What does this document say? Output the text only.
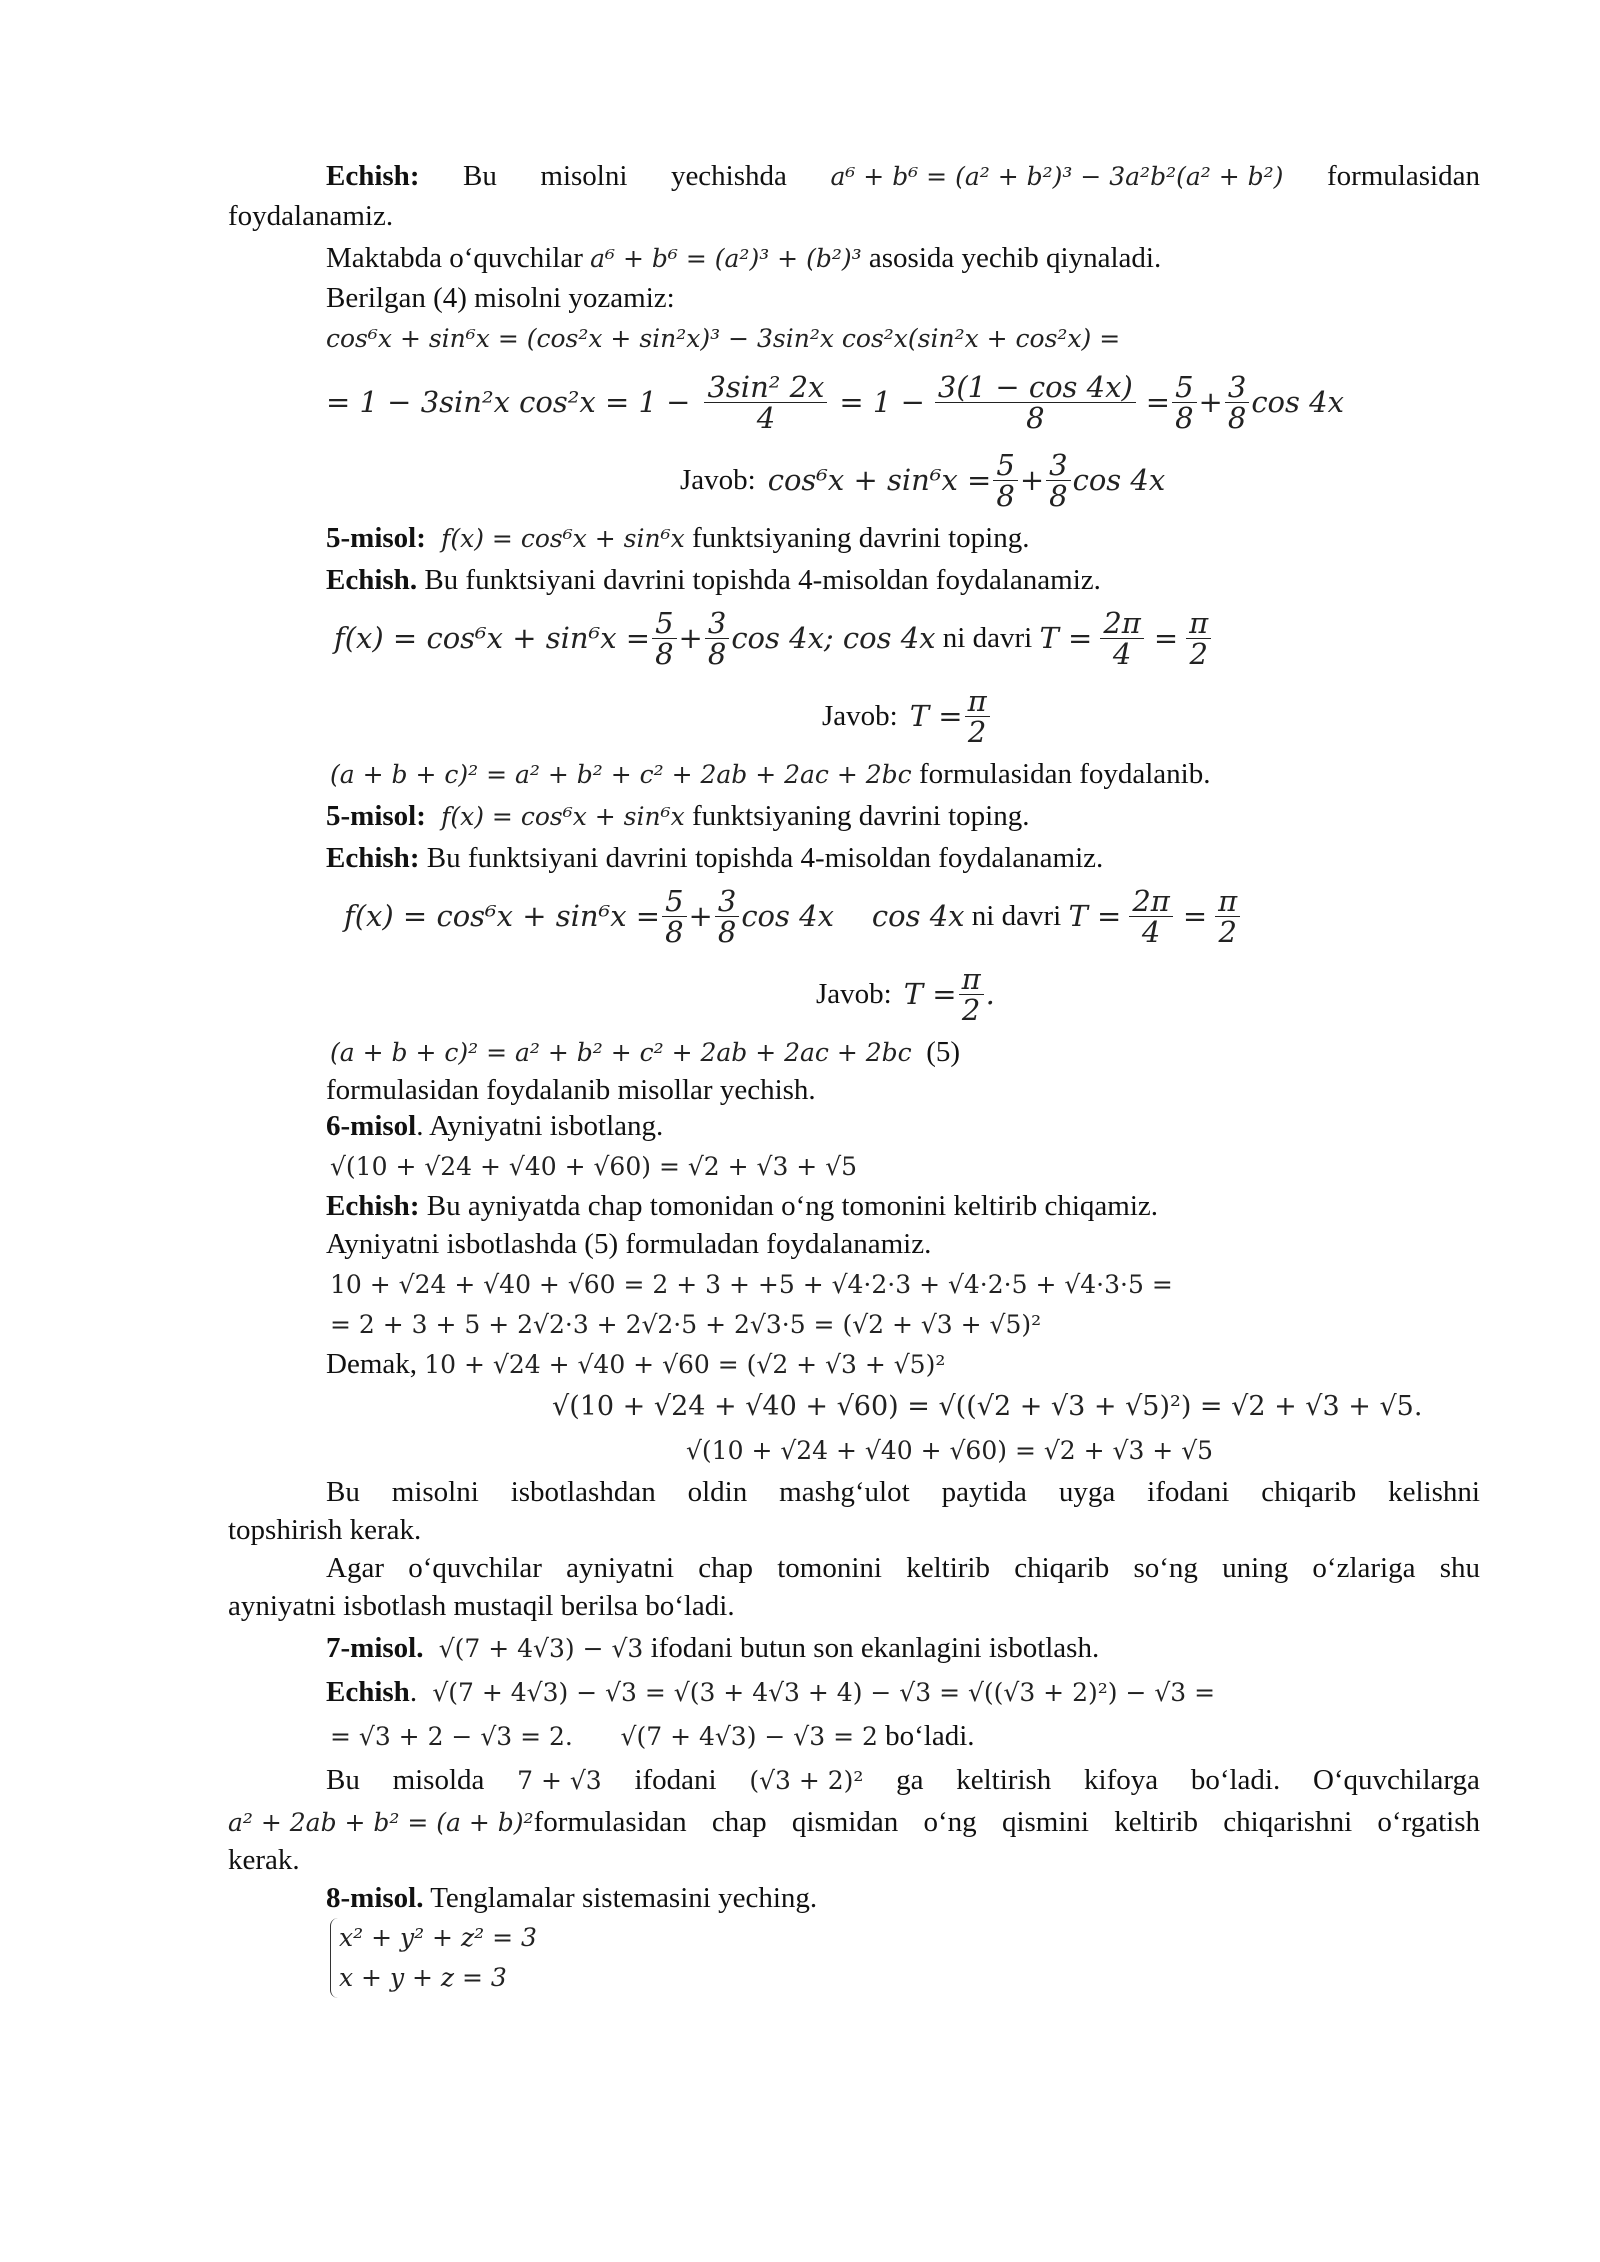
Echish: Bu misolni yechishda a⁶ + b⁶ = (a² + b²)³ − 3a²b²(a² + b²) formulasidan
foydalanamiz.
Maktabda o‘quvchilar a⁶ + b⁶ = (a²)³ + (b²)³ asosida yechib qiynaladi.
Berilgan (4) misolni yozamiz:
cos⁶x + sin⁶x = (cos²x + sin²x)³ − 3sin²x cos²x(sin²x + cos²x) =
= 1 − 3sin²x $\cos^2x = 1 - \frac{\text{3sin² 2x}}{4} = 1 - \frac{3(1 - \cos 4x)}{8} = \frac{5}{8} + \frac{3}{8}$ cos 4x
Javob: $\cos^6x + \sin^6x = \frac{5}{8} + \frac{3}{8}$ cos 4x
5-misol: f(x) = cos⁶x + sin⁶x funktsiyaning davrini toping.
Echish. Bu funktsiyani davrini topishda 4-misoldan foydalanamiz.
$f(x) = \cos^6x + \sin^6x = \frac{5}{8} + \frac{3}{8}$ cos 4x; cos 4x ni davri $T = \frac{2\pi}{4} = \frac{\pi}{2}$
Javob: $T = \frac{\pi}{2}$
(a + b + c)² = a² + b² + c² + 2ab + 2ac + 2bc formulasidan foydalanib.
5-misol: f(x) = cos⁶x + sin⁶x funktsiyaning davrini toping.
Echish: Bu funktsiyani davrini topishda 4-misoldan foydalanamiz.
$f(x) = \cos^6x + \sin^6x = \frac{5}{8} + \frac{3}{8}$ cos 4x cos 4x ni davri $T = \frac{2\pi}{4} = \frac{\pi}{2}$
Javob: $T = \frac{\pi}{2}$ .
(a + b + c)² = a² + b² + c² + 2ab + 2ac + 2bc  (5)
formulasidan foydalanib misollar yechish.
6-misol. Ayniyatni isbotlang.
√(10 + √24 + √40 + √60) = √2 + √3 + √5
Echish: Bu ayniyatda chap tomonidan o‘ng tomonini keltirib chiqamiz.
Ayniyatni isbotlashda (5) formuladan foydalanamiz.
10 + √24 + √40 + √60 = 2 + 3 + +5 + √4·2·3 + √4·2·5 + √4·3·5 =
= 2 + 3 + 5 + 2√2·3 + 2√2·5 + 2√3·5 = (√2 + √3 + √5)²
Demak, 10 + √24 + √40 + √60 = (√2 + √3 + √5)²
√(10 + √24 + √40 + √60) = √((√2 + √3 + √5)²) = √2 + √3 + √5.
√(10 + √24 + √40 + √60) = √2 + √3 + √5
Bu misolni isbotlashdan oldin mashg‘ulot paytida uyga ifodani chiqarib kelishni
topshirish kerak.
Agar o‘quvchilar ayniyatni chap tomonini keltirib chiqarib so‘ng uning o‘zlariga shu
ayniyatni isbotlash mustaqil berilsa bo‘ladi.
7-misol. √(7 + 4√3) − √3 ifodani butun son ekanlagini isbotlash.
Echish. √(7 + 4√3) − √3 = √(3 + 4√3 + 4) − √3 = √((√3 + 2)²) − √3 =
= √3 + 2 − √3 = 2.      √(7 + 4√3) − √3 = 2 bo‘ladi.
Bu misolda 7 + √3 ifodani (√3 + 2)² ga keltirish kifoya bo‘ladi. O‘quvchilarga
a² + 2ab + b² = (a + b)² formulasidan chap qismidan o‘ng qismini keltirib chiqarishni o‘rgatish
kerak.
8-misol. Tenglamalar sistemasini yeching.
x² + y² + z² = 3
x + y + z = 3
